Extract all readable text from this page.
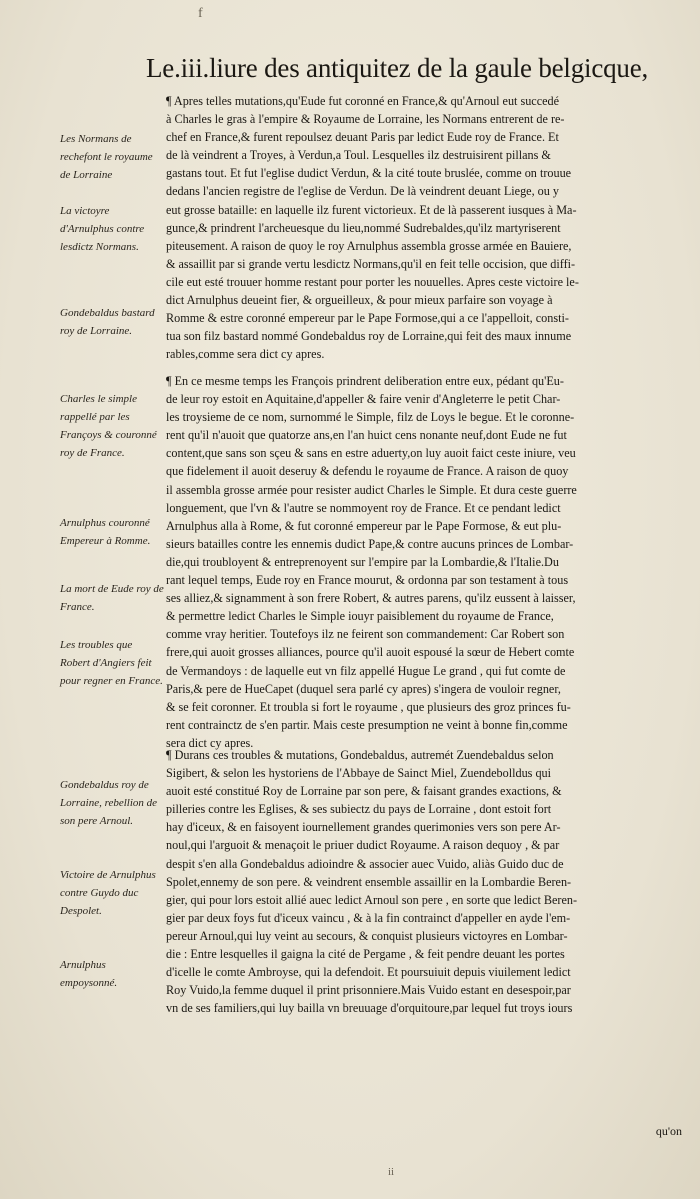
f
Le.iii.liure des antiquitez de la gaule belgicque,
Les Normans de rechefont le royaume de Lorraine
La victoyre d'Arnulphus contre lesdictz Normans.
Gondebaldus bastard roy de Lorraine.
Charles le simple rappellé par les Françoys & couronné roy de France.
Arnulphus couronné Empereur à Romme.
La mort de Eude roy de France.
Les troubles que Robert d'Angiers feit pour regner en France.
Gondebaldus roy de Lorraine, rebellion de son pere Arnoul.
Victoire de Arnulphus contre Guydo duc Despolet.
Arnulphus empoysonné.
¶ Apres telles mutations,qu'Eude fut coronné en France,& qu'Arnoul eut succedé
à Charles le gras à l'empire & Royaume de Lorraine, les Normans entrerent de re-
chef en France,& furent repoulsez deuant Paris par ledict Eude roy de France. Et
de là veindrent a Troyes, à Verdun,a Toul. Lesquelles ilz destruisirent pillans &
gastans tout. Et fut l'eglise dudict Verdun, & la cité toute bruslée, comme on trouue
dedans l'ancien registre de l'eglise de Verdun. De là veindrent deuant Liege, ou y
eut grosse bataille: en laquelle ilz furent victorieux. Et de là passerent iusques à Ma-
gunce,& prindrent l'archeuesque du lieu,nommé Sudrebaldes,qu'ilz martyriserent
piteusement. A raison de quoy le roy Arnulphus assembla grosse armée en Bauiere,
& assaillit par si grande vertu lesdictz Normans,qu'il en feit telle occision, que diffi-
cile eut esté trouuer homme restant pour porter les nouuelles. Apres ceste victoire le-
dict Arnulphus deueint fier, & orgueilleux, & pour mieux parfaire son voyage à
Romme & estre coronné empereur par le Pape Formose,qui a ce l'appelloit, consti-
tua son filz bastard nommé Gondebaldus roy de Lorraine,qui feit des maux innume
rables,comme sera dict cy apres.
¶ En ce mesme temps les François prindrent deliberation entre eux, pédant qu'Eu-
de leur roy estoit en Aquitaine,d'appeller & faire venir d'Angleterre le petit Char-
les troysieme de ce nom, surnommé le Simple, filz de Loys le begue. Et le coronne-
rent qu'il n'auoit que quatorze ans,en l'an huict cens nonante neuf,dont Eude ne fut
content,que sans son sçeu & sans en estre aduerty,on luy auoit faict ceste iniure, veu
que fidelement il auoit deseruy & defendu le royaume de France. A raison de quoy
il assembla grosse armée pour resister audict Charles le Simple. Et dura ceste guerre
longuement, que l'vn & l'autre se nommoyent roy de France. Et ce pendant ledict
Arnulphus alla à Rome, & fut coronné empereur par le Pape Formose, & eut plu-
sieurs batailles contre les ennemis dudict Pape,& contre aucuns princes de Lombar-
die,qui troubloyent & entreprenoyent sur l'empire par la Lombardie,& l'Italie.Du
rant lequel temps, Eude roy en France mourut, & ordonna par son testament à tous
ses alliez,& signamment à son frere Robert, & autres parens, qu'ilz eussent à laisser,
& permettre ledict Charles le Simple iouyr paisiblement du royaume de France,
comme vray heritier. Toutefoys ilz ne feirent son commandement: Car Robert son
frere,qui auoit grosses alliances, pource qu'il auoit espousé la sœur de Hebert comte
de Vermandoys : de laquelle eut vn filz appellé Hugue Le grand , qui fut comte de
Paris,& pere de HueCapet (duquel sera parlé cy apres) s'ingera de vouloir regner,
& se feit coronner. Et troubla si fort le royaume , que plusieurs des groz princes fu-
rent contrainctz de s'en partir. Mais ceste presumption ne veint à bonne fin,comme
sera dict cy apres.
¶ Durans ces troubles & mutations, Gondebaldus, autremét Zuendebaldus selon
Sigibert, & selon les hystoriens de l'Abbaye de Sainct Miel, Zuendebolldus qui
auoit esté constitué Roy de Lorraine par son pere, & faisant grandes exactions, &
pilleries contre les Eglises, & ses subiectz du pays de Lorraine , dont estoit fort
hay d'iceux, & en faisoyent iournellement grandes querimonies vers son pere Ar-
noul,qui l'arguoit & menaçoit le priuer dudict Royaume. A raison dequoy , & par
despit s'en alla Gondebaldus adioindre & associer auec Vuido, aliàs Guido duc de
Spolet,ennemy de son pere. & veindrent ensemble assaillir en la Lombardie Beren-
gier, qui pour lors estoit allié auec ledict Arnoul son pere , en sorte que ledict Beren-
gier par deux foys fut d'iceux vaincu , & à la fin contrainct d'appeller en ayde l'em-
pereur Arnoul,qui luy veint au secours, & conquist plusieurs victoyres en Lombar-
die : Entre lesquelles il gaigna la cité de Pergame , & feit pendre deuant les portes
d'icelle le comte Ambroyse, qui la defendoit. Et poursuiuit depuis viuilement ledict
Roy Vuido,la femme duquel il print prisonniere.Mais Vuido estant en desespoir,par
vn de ses familiers,qui luy bailla vn breuuage d'orquitoure,par lequel fut troys iours
qu'on
ii
